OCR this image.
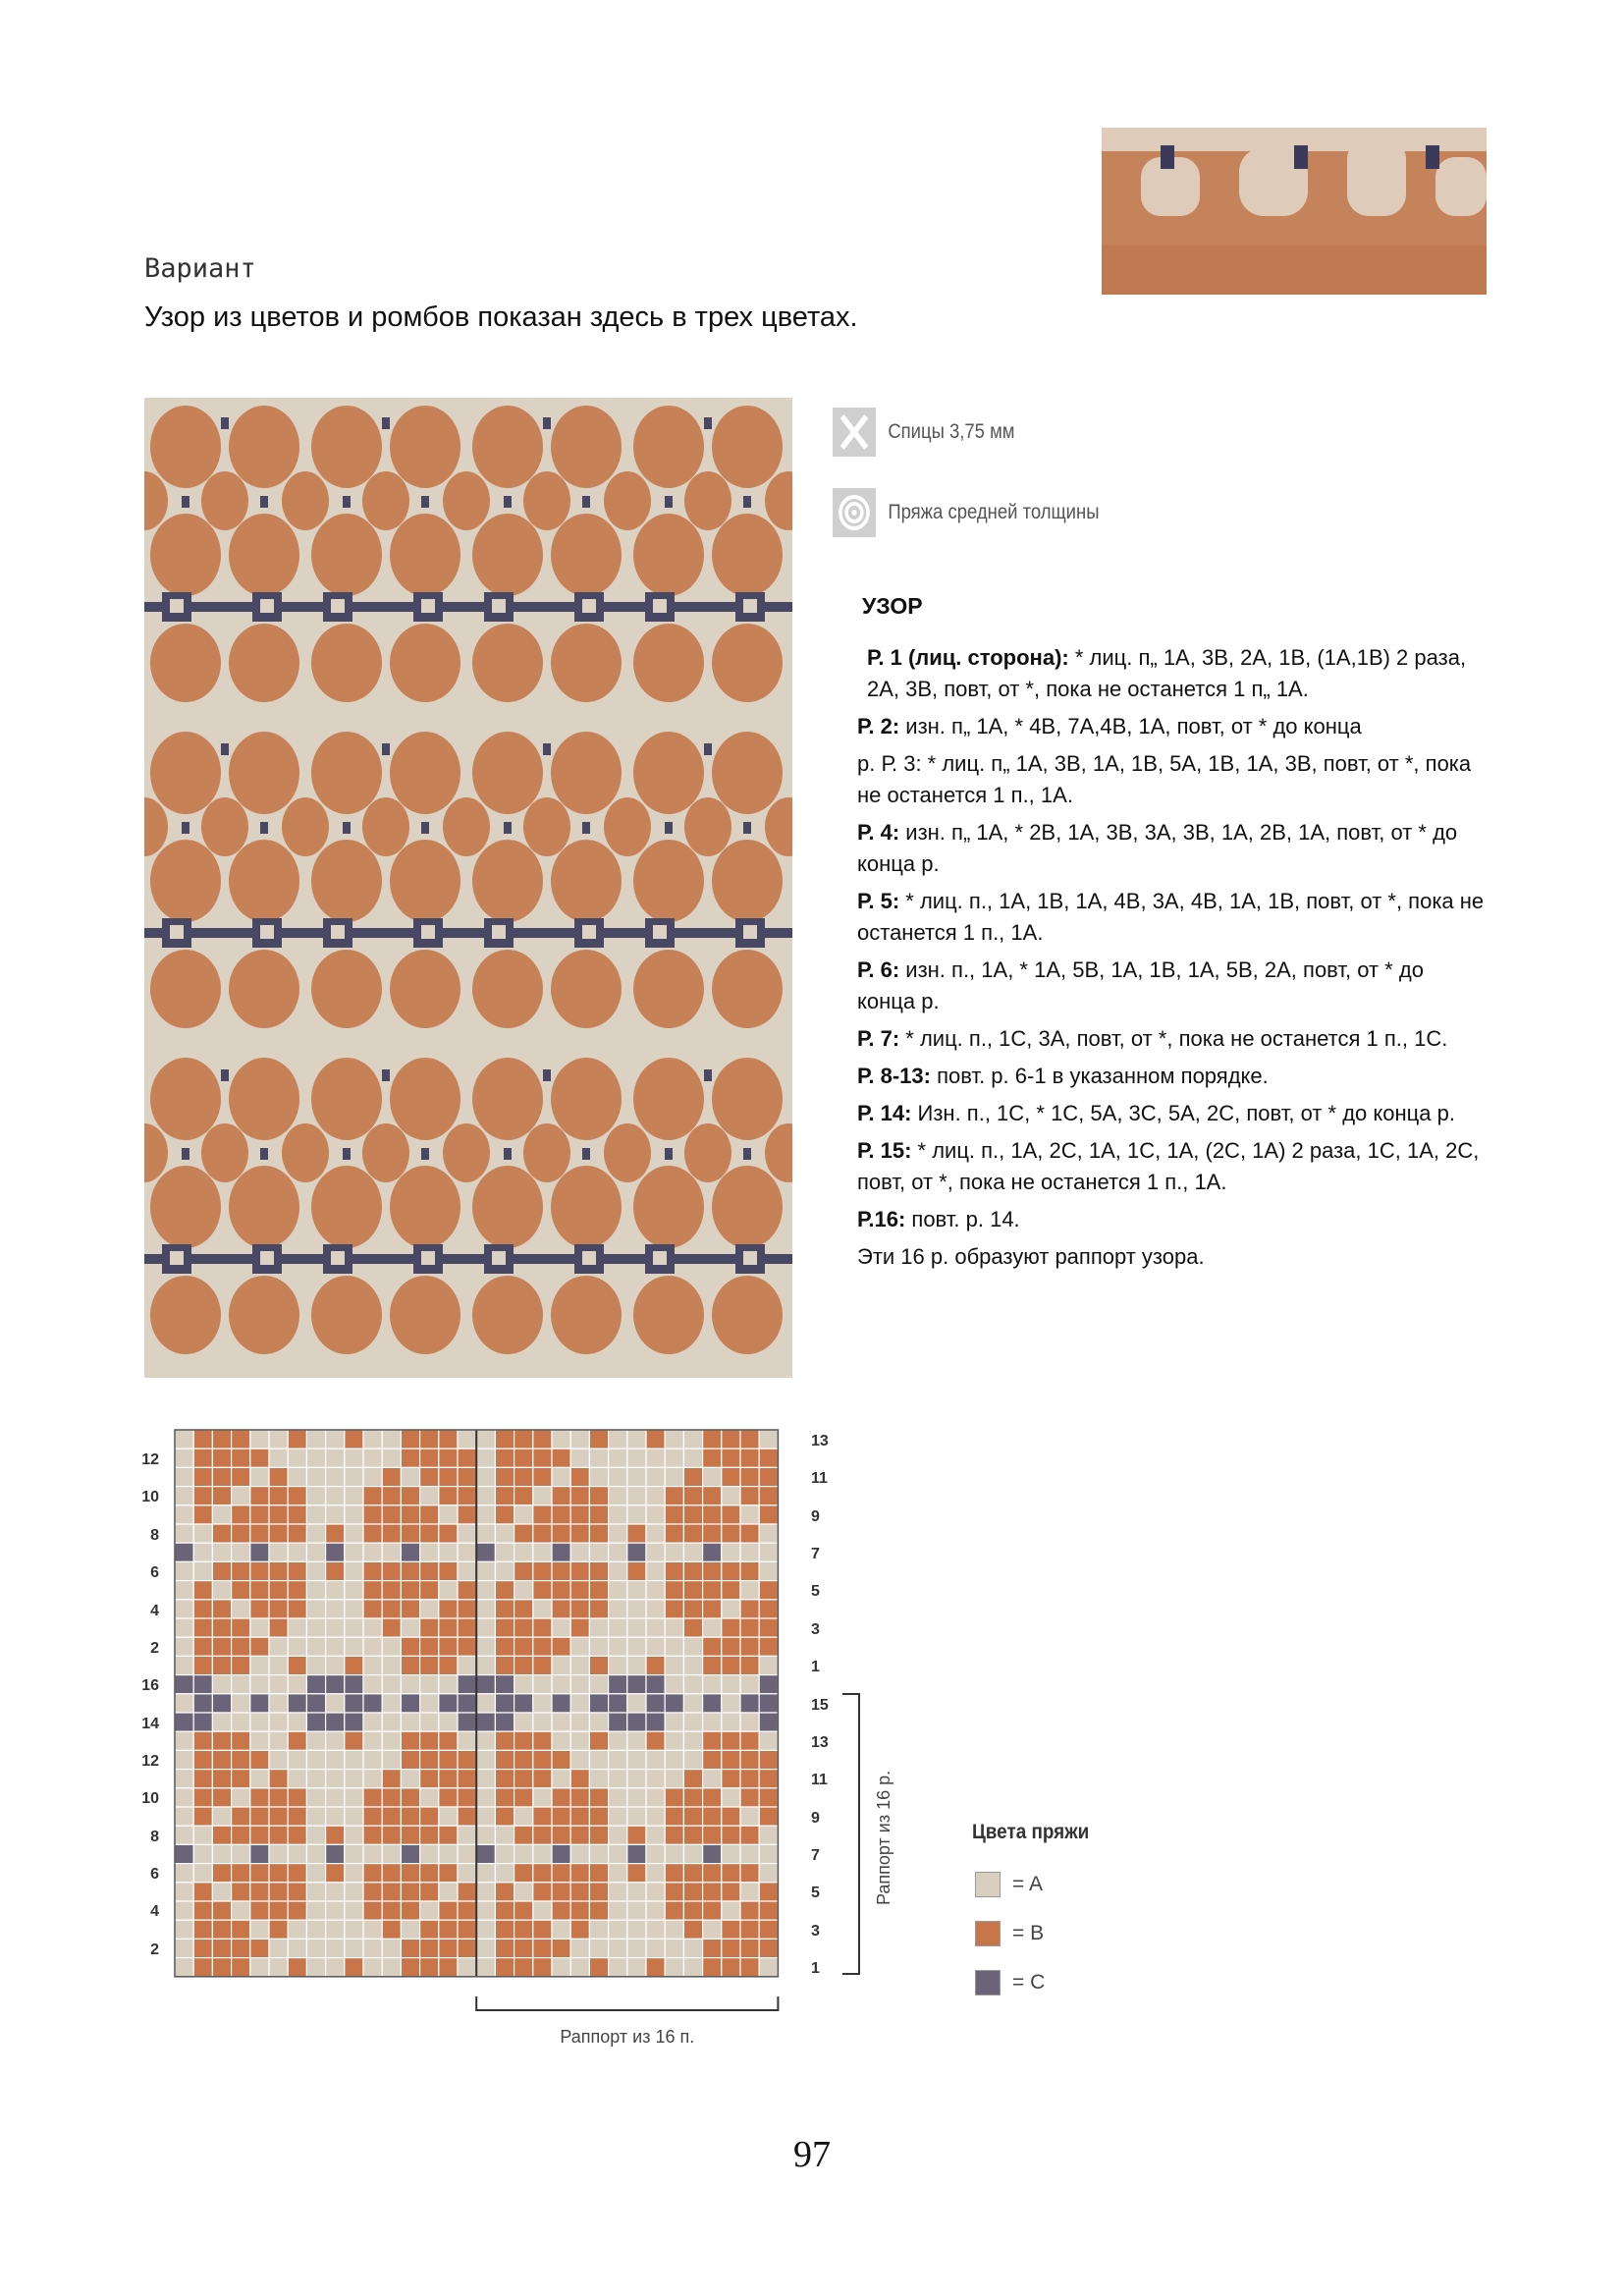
Вариант
Узор из цветов и ромбов показан здесь в трех цветах.
Спицы 3,75 мм
Пряжа средней толщины
УЗОР

Р. 1 (лиц. сторона): * лиц. п„ 1А, 3В, 2А, 1В, (1А,1В) 2 раза, 2А, 3В, повт, от *, пока не останется 1 п„ 1А.

Р. 2: изн. п„ 1А, * 4В, 7А,4В, 1А, повт, от * до конца

р. Р. 3: * лиц. п„ 1А, 3В, 1А, 1В, 5А, 1В, 1А, 3В, повт, от *, пока не останется 1 п., 1А.

Р. 4: изн. п„ 1А, * 2В, 1А, 3В, 3А, 3В, 1А, 2В, 1А, повт, от * до конца р.

Р. 5: * лиц. п., 1А, 1В, 1А, 4В, 3А, 4В, 1А, 1В, повт, от *, пока не останется 1 п., 1А.

Р. 6: изн. п., 1А, * 1А, 5В, 1А, 1В, 1А, 5В, 2А, повт, от * до конца р.

Р. 7: * лиц. п., 1С, 3А, повт, от *, пока не останется 1 п., 1С.

Р. 8-13: повт. р. 6-1 в указанном порядке.

Р. 14: Изн. п., 1С, * 1С, 5А, 3С, 5А, 2С, повт, от * до конца р.

Р. 15: * лиц. п., 1А, 2С, 1А, 1С, 1А, (2С, 1А) 2 раза, 1С, 1А, 2С, повт, от *, пока не останется 1 п., 1А.

Р.16: повт. р. 14.

Эти 16 р. образуют раппорт узора.

12
10
8
6
4
2
16
14
12
10
8
6
4
2
13
11
9
7
5
3
1
15
13
11
9
7
5
3
1
Раппорт из 16 р.
Раппорт из 16 п.
Цвета пряжи
= A
= B
= C
97
